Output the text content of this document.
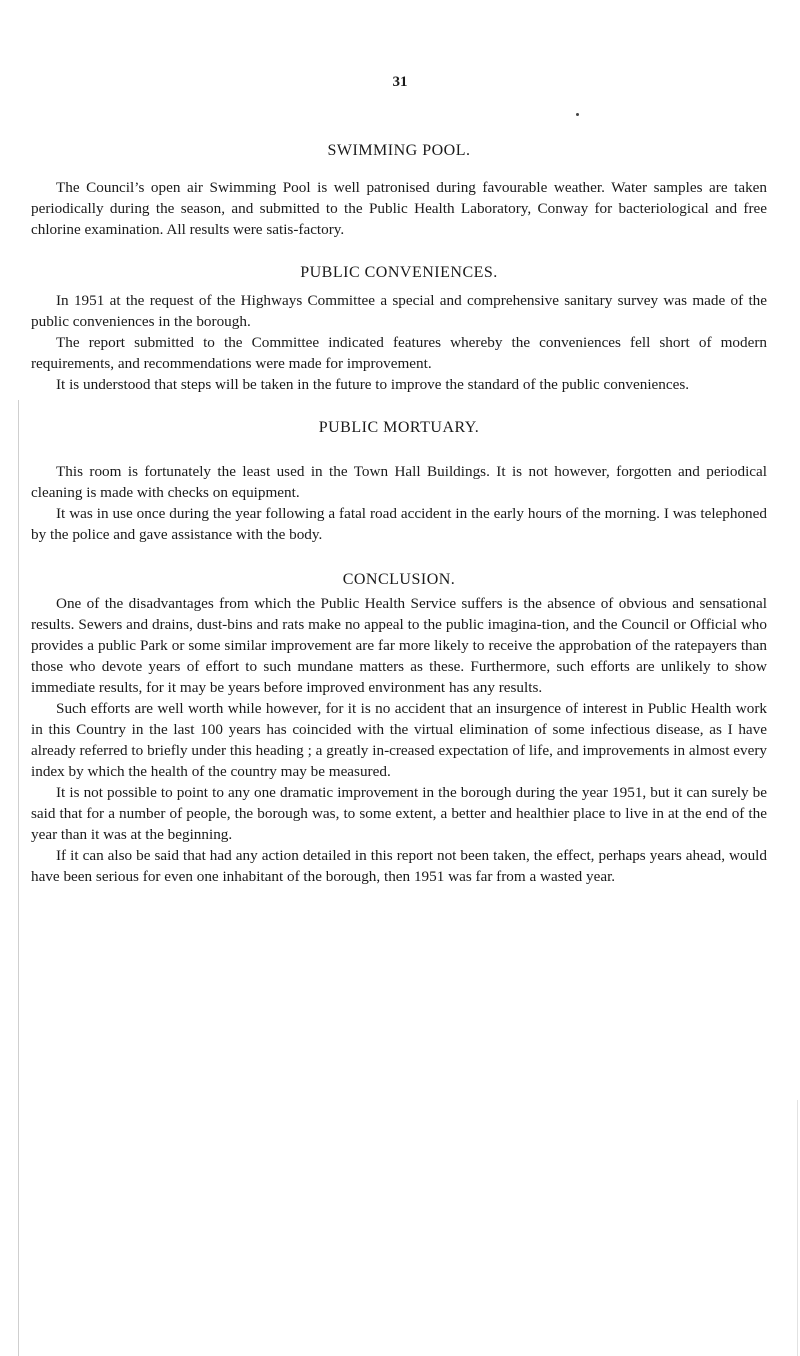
31
SWIMMING POOL.

The Council’s open air Swimming Pool is well patronised during favourable weather. Water samples are taken periodically during the season, and submitted to the Public Health Laboratory, Conway for bacteriological and free chlorine examination. All results were satis-factory.

PUBLIC CONVENIENCES.

In 1951 at the request of the Highways Committee a special and comprehensive sanitary survey was made of the public conveniences in the borough.

The report submitted to the Committee indicated features whereby the conveniences fell short of modern requirements, and recommendations were made for improvement.

It is understood that steps will be taken in the future to improve the standard of the public conveniences.

PUBLIC MORTUARY.

This room is fortunately the least used in the Town Hall Buildings. It is not however, forgotten and periodical cleaning is made with checks on equipment.

It was in use once during the year following a fatal road accident in the early hours of the morning. I was telephoned by the police and gave assistance with the body.

CONCLUSION.

One of the disadvantages from which the Public Health Service suffers is the absence of obvious and sensational results. Sewers and drains, dust-bins and rats make no appeal to the public imagina-tion, and the Council or Official who provides a public Park or some similar improvement are far more likely to receive the approbation of the ratepayers than those who devote years of effort to such mundane matters as these. Furthermore, such efforts are unlikely to show immediate results, for it may be years before improved environment has any results.

Such efforts are well worth while however, for it is no accident that an insurgence of interest in Public Health work in this Country in the last 100 years has coincided with the virtual elimination of some infectious disease, as I have already referred to briefly under this heading ; a greatly in-creased expectation of life, and improvements in almost every index by which the health of the country may be measured.

It is not possible to point to any one dramatic improvement in the borough during the year 1951, but it can surely be said that for a number of people, the borough was, to some extent, a better and healthier place to live in at the end of the year than it was at the beginning.

If it can also be said that had any action detailed in this report not been taken, the effect, perhaps years ahead, would have been serious for even one inhabitant of the borough, then 1951 was far from a wasted year.
